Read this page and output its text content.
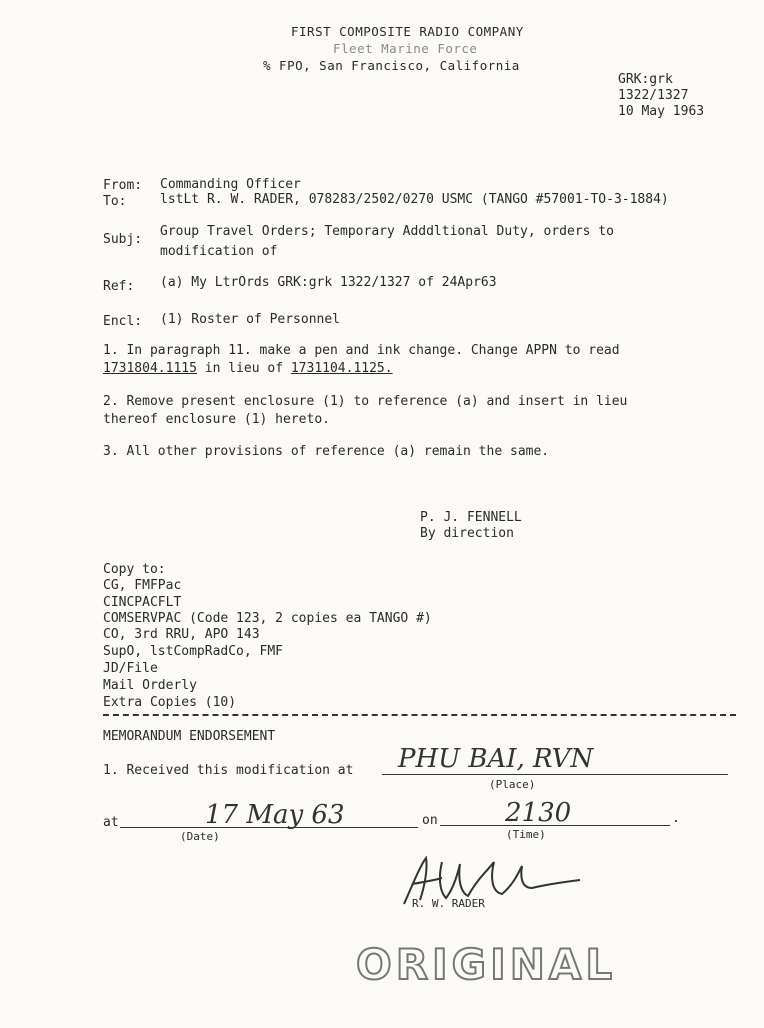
FIRST COMPOSITE RADIO COMPANY
Fleet Marine Force
% FPO, San Francisco, California
GRK:grk
1322/1327
10 May 1963
From: Commanding Officer
To:	lstLt R. W. RADER, 078283/2502/0270 USMC (TANGO #57001-TO-3-1884)
Subj:
Group Travel Orders; Temporary Adddltional Duty, orders to
modification of
Ref: (a) My LtrOrds GRK:grk 1322/1327 of 24Apr63
Encl: (1) Roster of Personnel
1. In paragraph 11. make a pen and ink change. Change APPN to read
1731804.1115 in lieu of 1731104.1125.
2. Remove present enclosure (1) to reference (a) and insert in lieu
thereof enclosure (1) hereto.
3. All other provisions of reference (a) remain the same.
P. J. FENNELL
By direction
Copy to:
CG, FMFPac
CINCPACFLT
COMSERVPAC (Code 123, 2 copies ea TANGO #)
CO, 3rd RRU, APO 143
SupO, lstCompRadCo, FMF
JD/File
Mail Orderly
Extra Copies (10)
MEMORANDUM ENDORSEMENT
1. Received this modification at PHU BAI, RVN
(Place)
at	17 May 63
(Date)
on	2130
(Time)
.
R. W. RADER
ORIGINAL
